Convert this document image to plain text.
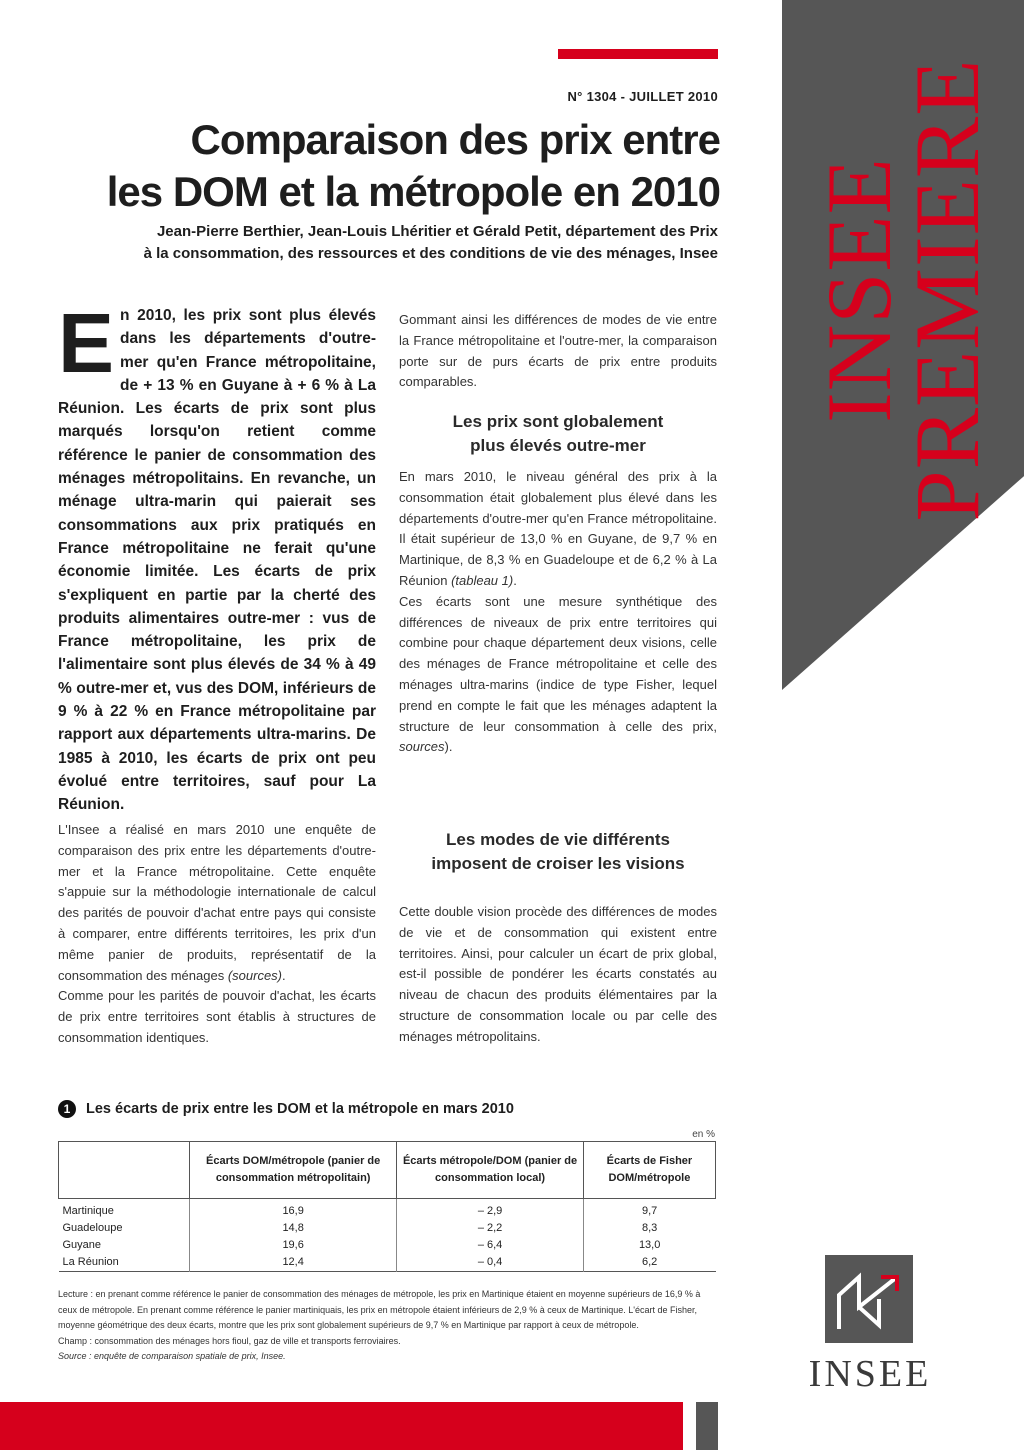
INSEE
PREMIERE
N° 1304 - JUILLET 2010
Comparaison des prix entre
les DOM et la métropole en 2010
Jean-Pierre Berthier, Jean-Louis Lhéritier et Gérald Petit, département des Prix
à la consommation, des ressources et des conditions de vie des ménages, Insee
En 2010, les prix sont plus élevés dans les départements d'outre-mer qu'en France métropolitaine, de + 13 % en Guyane à + 6 % à La Réunion. Les écarts de prix sont plus marqués lorsqu'on retient comme référence le panier de consommation des ménages métropolitains. En revanche, un ménage ultra-marin qui paierait ses consommations aux prix pratiqués en France métropolitaine ne ferait qu'une économie limitée. Les écarts de prix s'expliquent en partie par la cherté des produits alimentaires outre-mer : vus de France métropolitaine, les prix de l'alimentaire sont plus élevés de 34 % à 49 % outre-mer et, vus des DOM, inférieurs de 9 % à 22 % en France métropolitaine par rapport aux départements ultra-marins. De 1985 à 2010, les écarts de prix ont peu évolué entre territoires, sauf pour La Réunion.

L'Insee a réalisé en mars 2010 une enquête de comparaison des prix entre les départements d'outre-mer et la France métropolitaine. Cette enquête s'appuie sur la méthodologie internationale de calcul des parités de pouvoir d'achat entre pays qui consiste à comparer, entre différents territoires, les prix d'un même panier de produits, représentatif de la consommation des ménages (sources).

Comme pour les parités de pouvoir d'achat, les écarts de prix entre territoires sont établis à structures de consommation identiques.

Gommant ainsi les différences de modes de vie entre la France métropolitaine et l'outre-mer, la comparaison porte sur de purs écarts de prix entre produits comparables.

Les prix sont globalement
plus élevés outre-mer

En mars 2010, le niveau général des prix à la consommation était globalement plus élevé dans les départements d'outre-mer qu'en France métropolitaine. Il était supérieur de 13,0 % en Guyane, de 9,7 % en Martinique, de 8,3 % en Guadeloupe et de 6,2 % à La Réunion (tableau 1).

Ces écarts sont une mesure synthétique des différences de niveaux de prix entre territoires qui combine pour chaque département deux visions, celle des ménages de France métropolitaine et celle des ménages ultra-marins (indice de type Fisher, lequel prend en compte le fait que les ménages adaptent la structure de leur consommation à celle des prix, sources).

Les modes de vie différents
imposent de croiser les visions

Cette double vision procède des différences de modes de vie et de consommation qui existent entre territoires. Ainsi, pour calculer un écart de prix global, est-il possible de pondérer les écarts constatés au niveau de chacun des produits élémentaires par la structure de consommation locale ou par celle des ménages métropolitains.

1 Les écarts de prix entre les DOM et la métropole en mars 2010
en %
	Écarts DOM/métropole (panier de consommation métropolitain)	Écarts métropole/DOM (panier de consommation local)	Écarts de Fisher DOM/métropole
Martinique	16,9	– 2,9	9,7
Guadeloupe	14,8	– 2,2	8,3
Guyane	19,6	– 6,4	13,0
La Réunion	12,4	– 0,4	6,2

Lecture : en prenant comme référence le panier de consommation des ménages de métropole, les prix en Martinique étaient en moyenne supérieurs de 16,9 % à ceux de métropole. En prenant comme référence le panier martiniquais, les prix en métropole étaient inférieurs de 2,9 % à ceux de Martinique. L'écart de Fisher, moyenne géométrique des deux écarts, montre que les prix sont globalement supérieurs de 9,7 % en Martinique par rapport à ceux de métropole.

Champ : consommation des ménages hors fioul, gaz de ville et transports ferroviaires.

Source : enquête de comparaison spatiale de prix, Insee.	INSEE
